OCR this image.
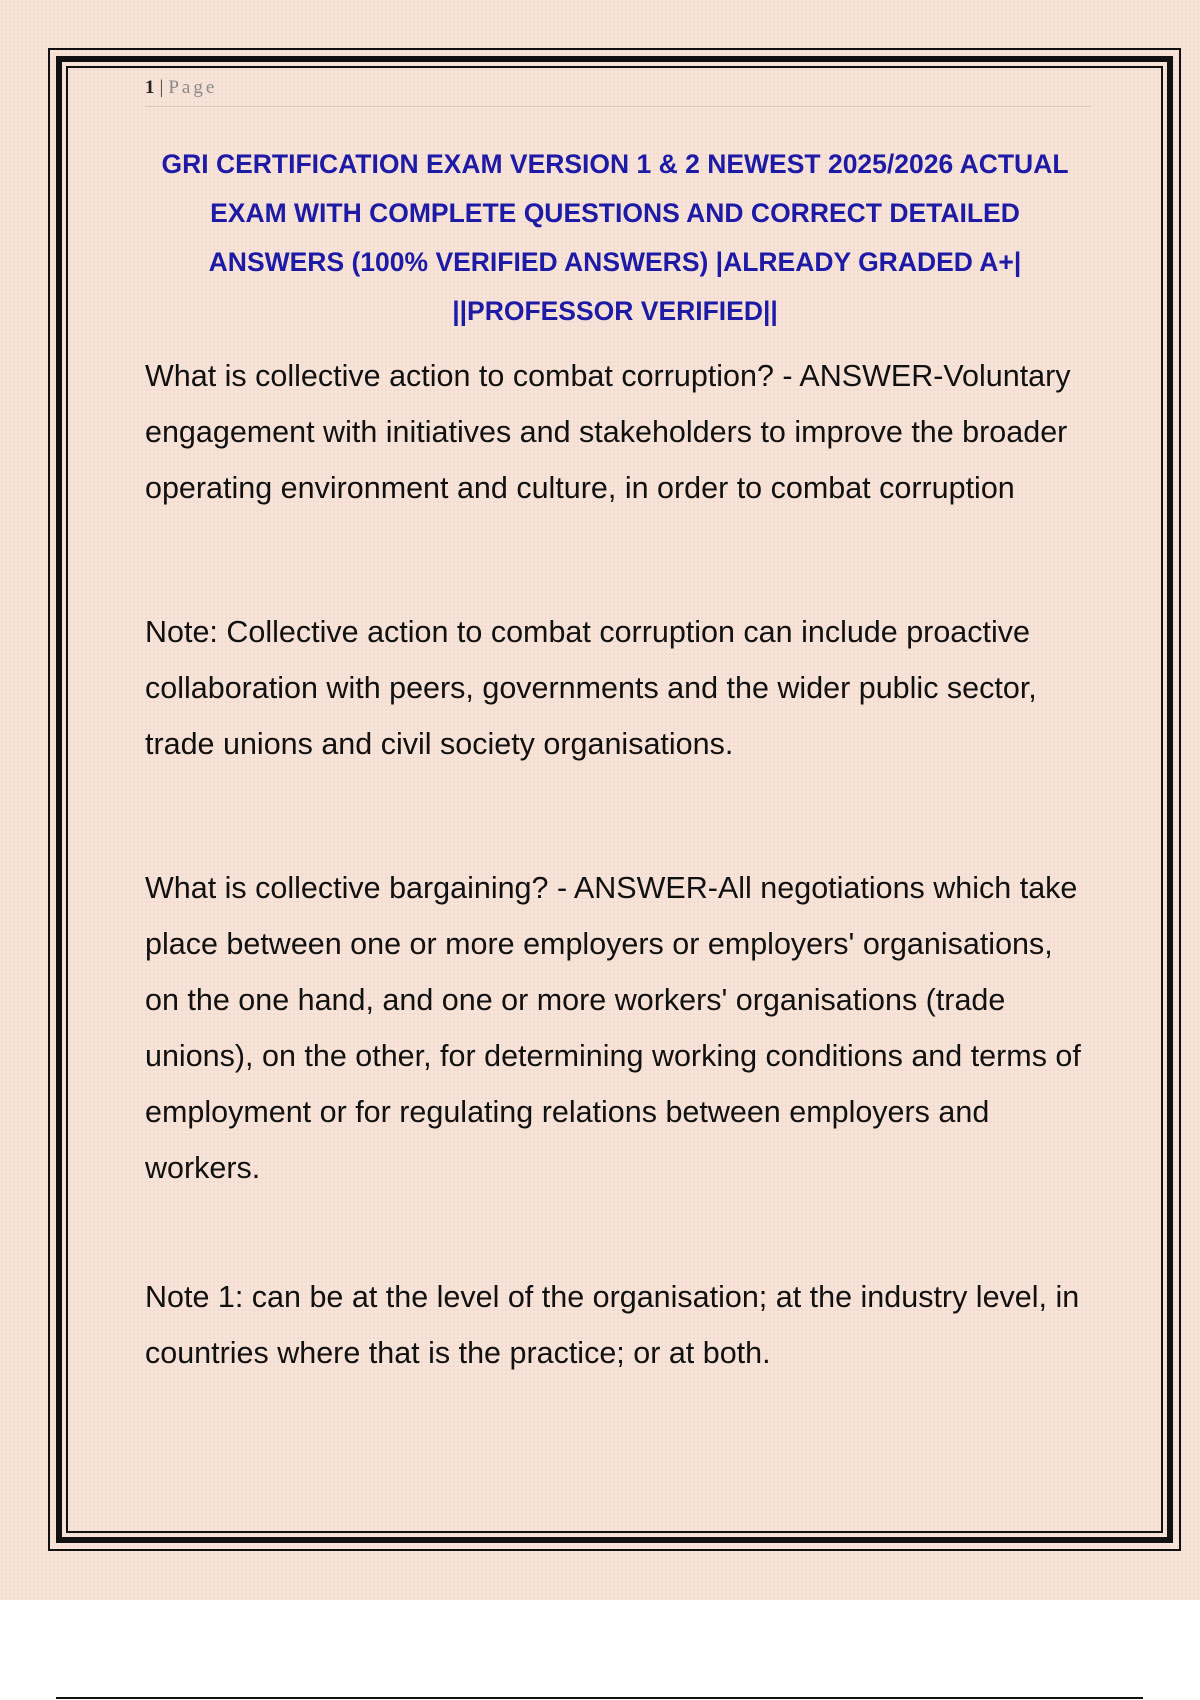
1 | Page
GRI CERTIFICATION EXAM VERSION 1 & 2 NEWEST 2025/2026 ACTUAL EXAM WITH COMPLETE QUESTIONS AND CORRECT DETAILED ANSWERS (100% VERIFIED ANSWERS) |ALREADY GRADED A+| ||PROFESSOR VERIFIED||

What is collective action to combat corruption? - ANSWER-Voluntary engagement with initiatives and stakeholders to improve the broader operating environment and culture, in order to combat corruption

Note: Collective action to combat corruption can include proactive collaboration with peers, governments and the wider public sector, trade unions and civil society organisations.

What is collective bargaining? - ANSWER-All negotiations which take place between one or more employers or employers' organisations, on the one hand, and one or more workers' organisations (trade unions), on the other, for determining working conditions and terms of employment or for regulating relations between employers and workers.

Note 1: can be at the level of the organisation; at the industry level, in countries where that is the practice; or at both.
